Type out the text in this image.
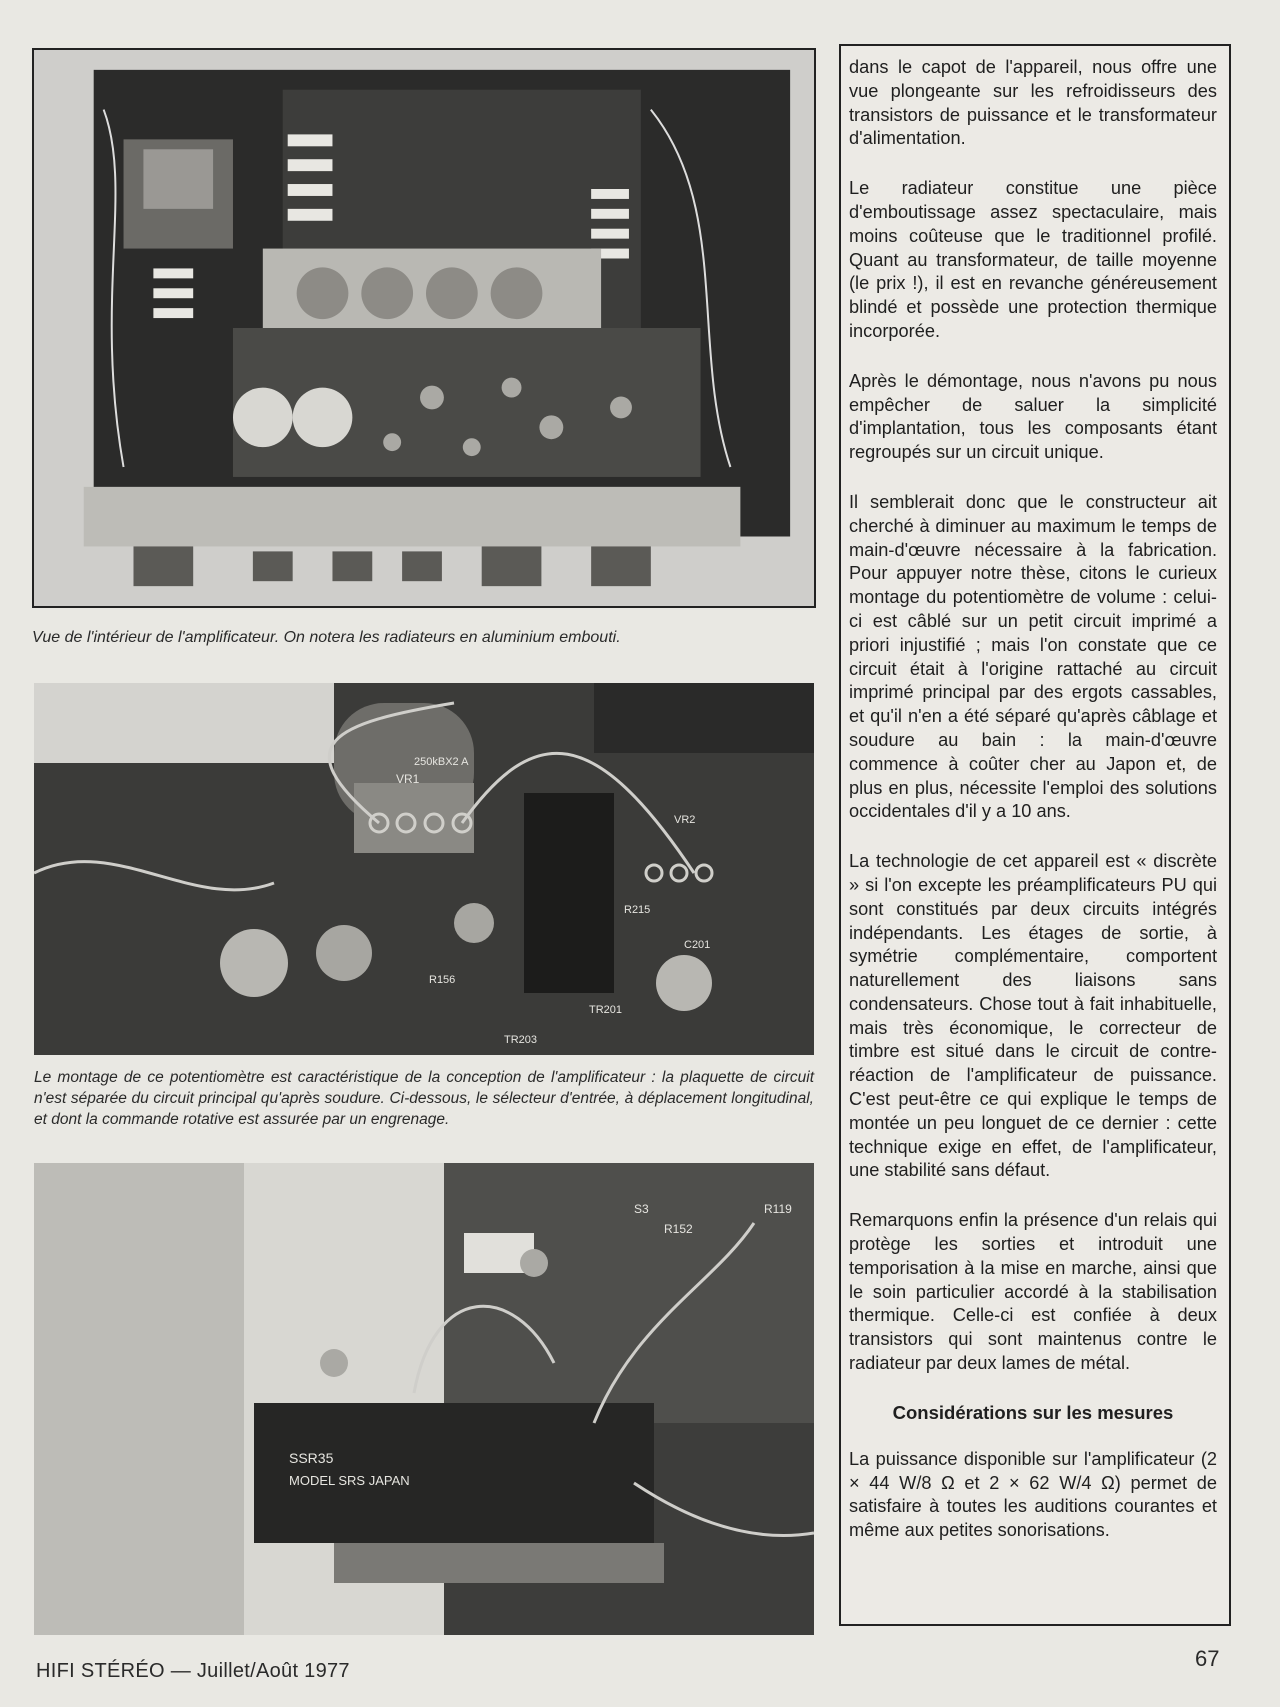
Vue de l'intérieur de l'amplificateur. On notera les radiateurs en aluminium embouti.

250kBX2 A
VR1
VR2
R156
R215
C201
TR201
TR203

Le montage de ce potentiomètre est caractéristique de la conception de l'amplificateur : la plaquette de circuit n'est séparée du circuit principal qu'après soudure. Ci-dessous, le sélecteur d'entrée, à déplacement longitudinal, et dont la commande rotative est assurée par un engrenage.

SSR35
MODEL SRS JAPAN
S3
R152
R119

dans le capot de l'appareil, nous offre une vue plongeante sur les refroidisseurs des transistors de puissance et le transformateur d'alimentation.

Le radiateur constitue une pièce d'emboutissage assez spectaculaire, mais moins coûteuse que le traditionnel profilé. Quant au transformateur, de taille moyenne (le prix !), il est en revanche généreusement blindé et possède une protection thermique incorporée.

Après le démontage, nous n'avons pu nous empêcher de saluer la simplicité d'implantation, tous les composants étant regroupés sur un circuit unique.

Il semblerait donc que le constructeur ait cherché à diminuer au maximum le temps de main-d'œuvre nécessaire à la fabrication. Pour appuyer notre thèse, citons le curieux montage du potentiomètre de volume : celui-ci est câblé sur un petit circuit imprimé a priori injustifié ; mais l'on constate que ce circuit était à l'origine rattaché au circuit imprimé principal par des ergots cassables, et qu'il n'en a été séparé qu'après câblage et soudure au bain : la main-d'œuvre commence à coûter cher au Japon et, de plus en plus, nécessite l'emploi des solutions occidentales d'il y a 10 ans.

La technologie de cet appareil est « discrète » si l'on excepte les préamplificateurs PU qui sont constitués par deux circuits intégrés indépendants. Les étages de sortie, à symétrie complémentaire, comportent naturellement des liaisons sans condensateurs. Chose tout à fait inhabituelle, mais très économique, le correcteur de timbre est situé dans le circuit de contre-réaction de l'amplificateur de puissance. C'est peut-être ce qui explique le temps de montée un peu longuet de ce dernier : cette technique exige en effet, de l'amplificateur, une stabilité sans défaut.

Remarquons enfin la présence d'un relais qui protège les sorties et introduit une temporisation à la mise en marche, ainsi que le soin particulier accordé à la stabilisation thermique. Celle-ci est confiée à deux transistors qui sont maintenus contre le radiateur par deux lames de métal.

Considérations sur les mesures

La puissance disponible sur l'amplificateur (2 × 44 W/8 Ω et 2 × 62 W/4 Ω) permet de satisfaire à toutes les auditions courantes et même aux petites sonorisations.

HIFI STÉRÉO — Juillet/Août 1977	67
